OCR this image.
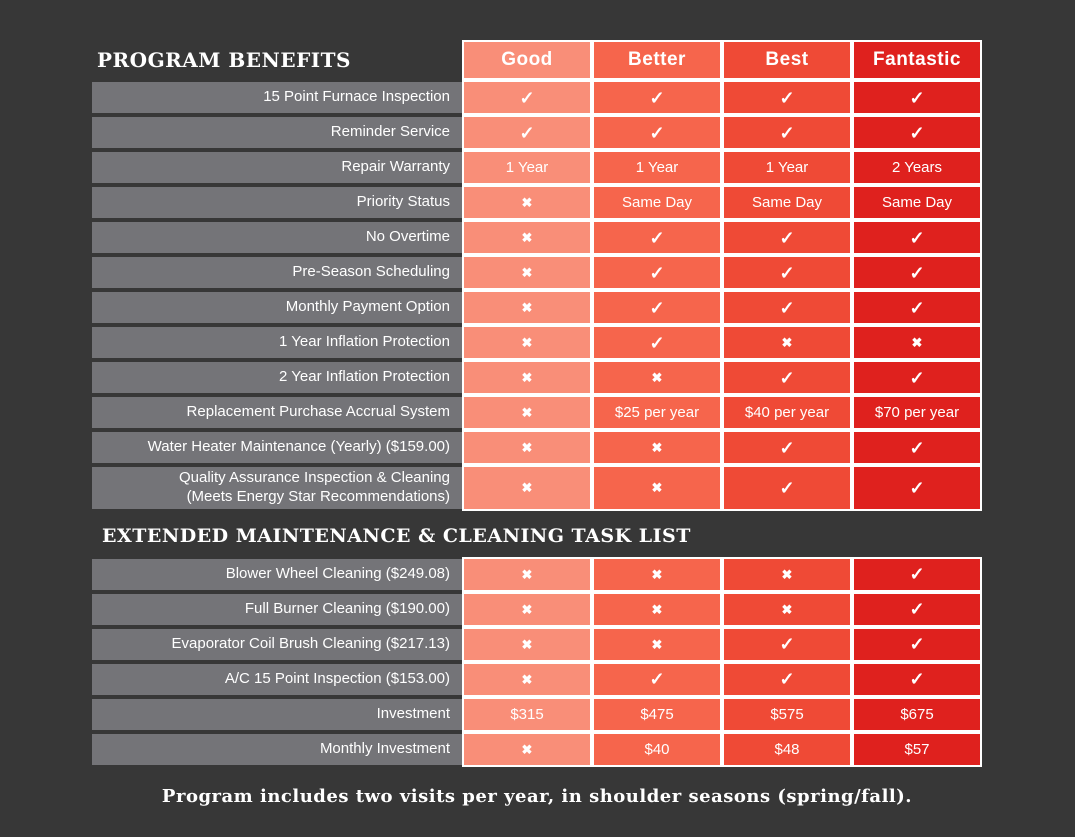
PROGRAM BENEFITS	Good	Better	Best	Fantastic
15 Point Furnace Inspection	✓	✓	✓	✓
Reminder Service	✓	✓	✓	✓
Repair Warranty	1 Year	1 Year	1 Year	2 Years
Priority Status	✖	Same Day	Same Day	Same Day
No Overtime	✖	✓	✓	✓
Pre-Season Scheduling	✖	✓	✓	✓
Monthly Payment Option	✖	✓	✓	✓
1 Year Inflation Protection	✖	✓	✖	✖
2 Year Inflation Protection	✖	✖	✓	✓
Replacement Purchase Accrual System	✖	$25 per year	$40 per year	$70 per year
Water Heater Maintenance (Yearly) ($159.00)	✖	✖	✓	✓
Quality Assurance Inspection & Cleaning
(Meets Energy Star Recommendations)	✖	✖	✓	✓
EXTENDED MAINTENANCE & CLEANING TASK LIST
Blower Wheel Cleaning ($249.08)	✖	✖	✖	✓
Full Burner Cleaning ($190.00)	✖	✖	✖	✓
Evaporator Coil Brush Cleaning ($217.13)	✖	✖	✓	✓
A/C 15 Point Inspection ($153.00)	✖	✓	✓	✓
Investment	$315	$475	$575	$675
Monthly Investment	✖	$40	$48	$57
Program includes two visits per year, in shoulder seasons (spring/fall).
